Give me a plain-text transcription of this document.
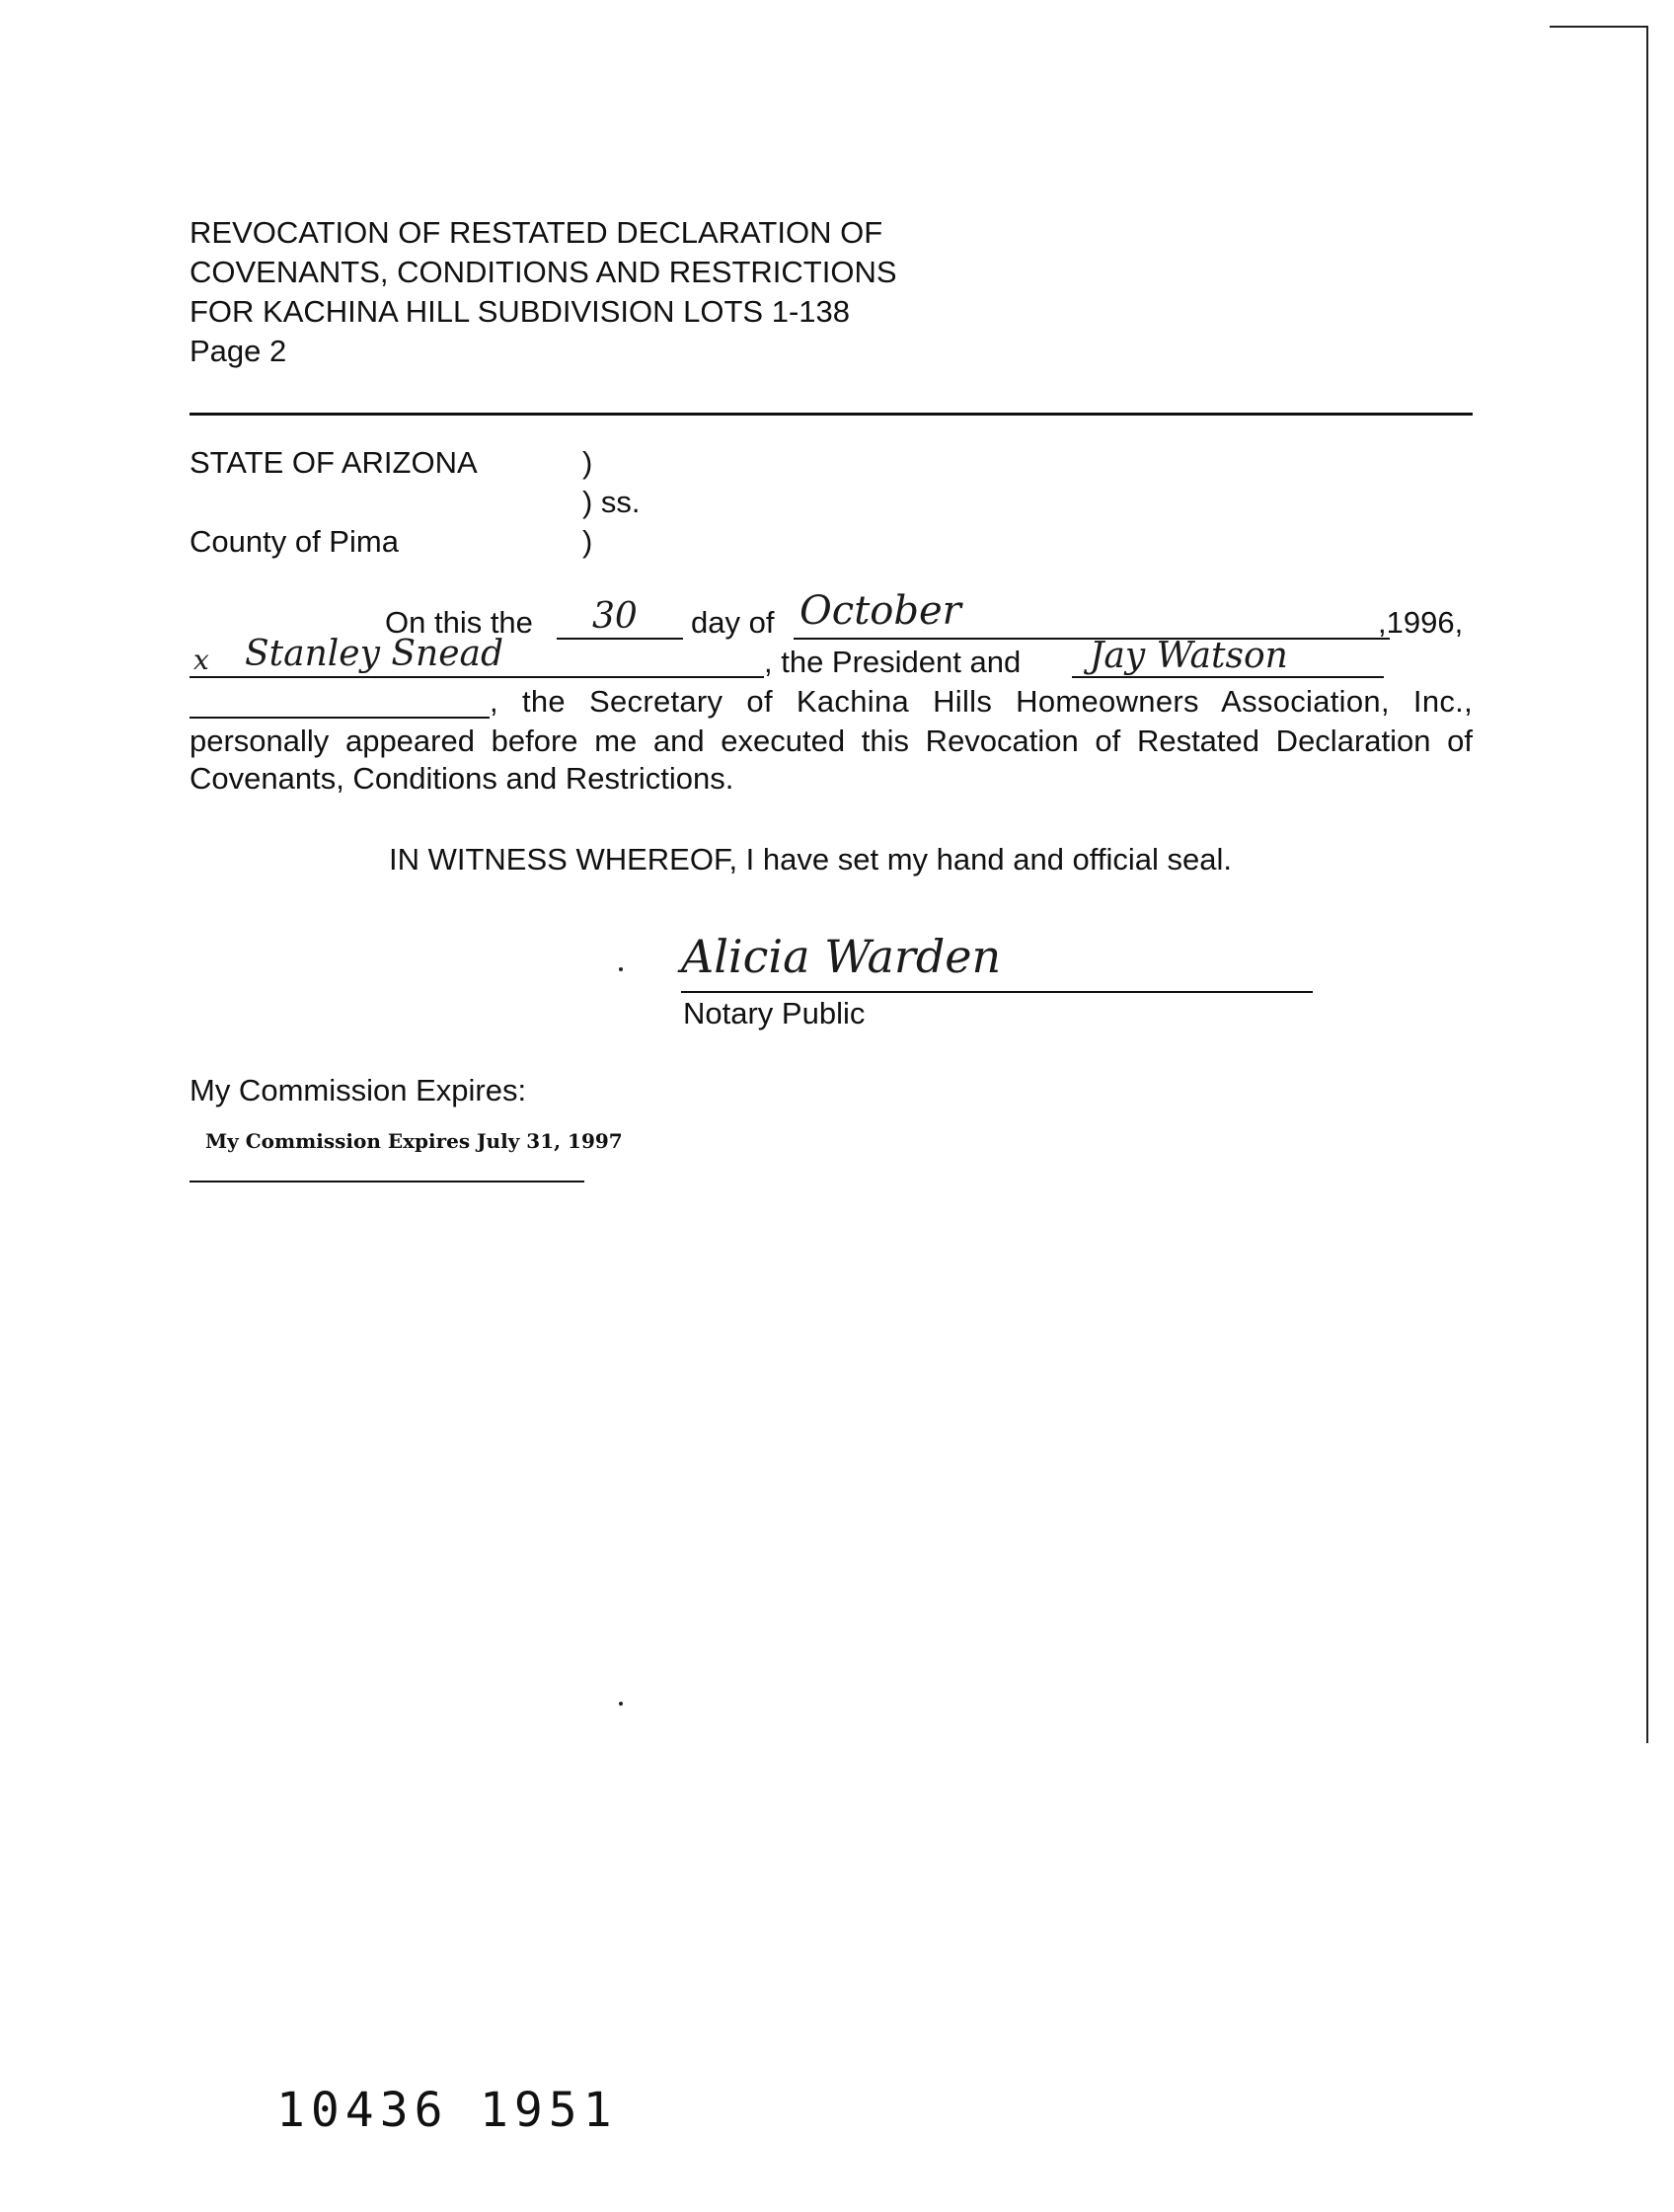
REVOCATION OF RESTATED DECLARATION OF
COVENANTS, CONDITIONS AND RESTRICTIONS
FOR KACHINA HILL SUBDIVISION LOTS 1-138
Page 2
STATE OF ARIZONA	)
) ss.
County of Pima	)
On this the 30 day of October	,1996,
x Stanley Snead	, the President and Jay Watson
, the Secretary of Kachina Hills Homeowners Association, Inc.,
personally appeared before me and executed this Revocation of Restated Declaration of Covenants, Conditions and Restrictions.
IN WITNESS WHEREOF, I have set my hand and official seal.
Alicia Warden
Notary Public
My Commission Expires:
My Commission Expires July 31, 1997
10436 1951
